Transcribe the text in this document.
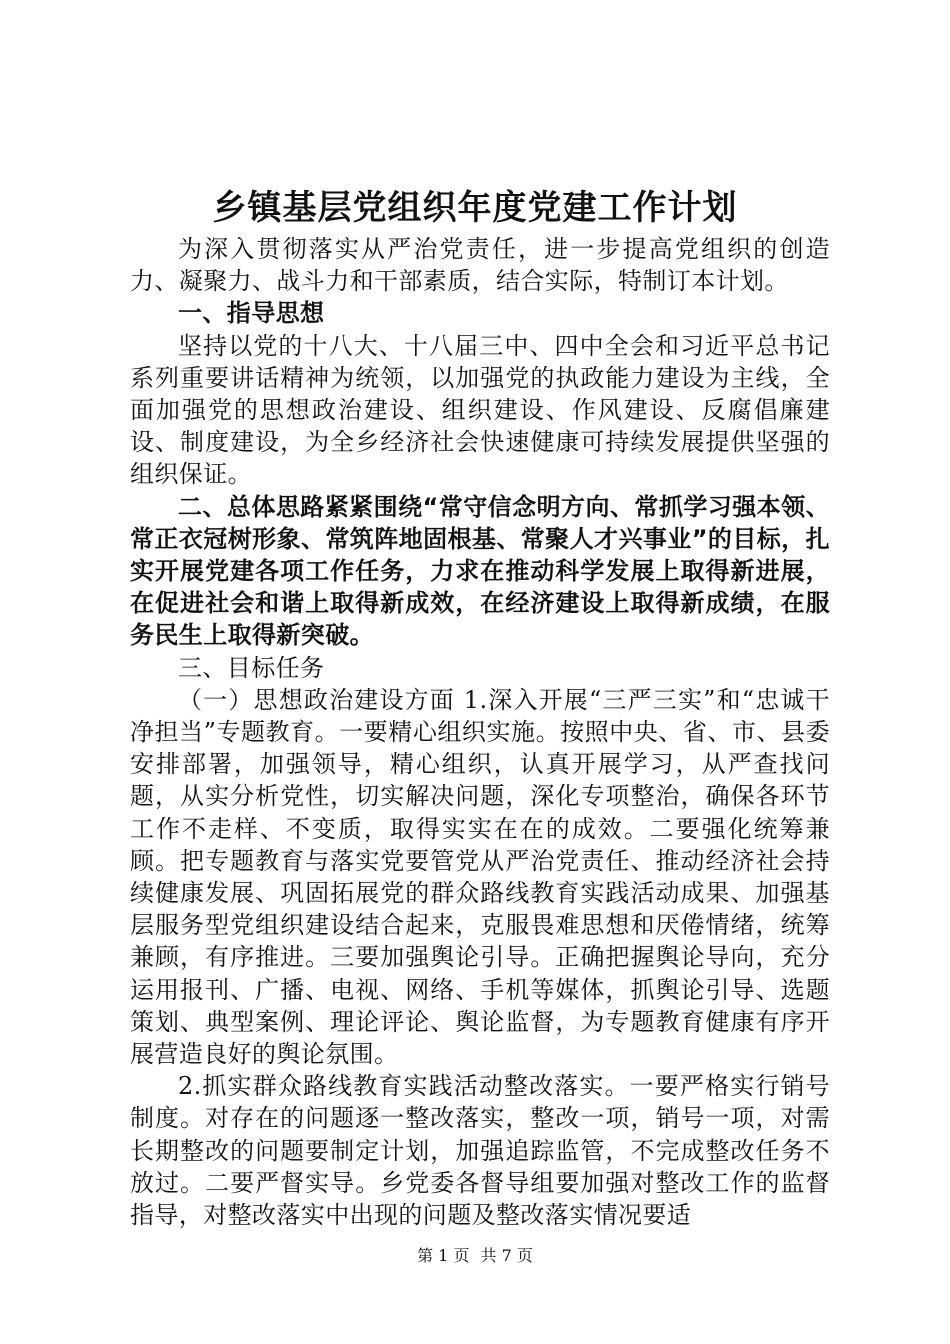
乡镇基层党组织年度党建工作计划

为深入贯彻落实从严治党责任，进一步提高党组织的创造力、凝聚力、战斗力和干部素质，结合实际，特制订本计划。

一、指导思想

坚持以党的十八大、十八届三中、四中全会和习近平总书记系列重要讲话精神为统领，以加强党的执政能力建设为主线，全面加强党的思想政治建设、组织建设、作风建设、反腐倡廉建设、制度建设，为全乡经济社会快速健康可持续发展提供坚强的组织保证。

二、总体思路紧紧围绕“常守信念明方向、常抓学习强本领、常正衣冠树形象、常筑阵地固根基、常聚人才兴事业”的目标，扎实开展党建各项工作任务，力求在推动科学发展上取得新进展，在促进社会和谐上取得新成效，在经济建设上取得新成绩，在服务民生上取得新突破。

三、目标任务

（一）思想政治建设方面 1.深入开展“三严三实”和“忠诚干净担当”专题教育。一要精心组织实施。按照中央、省、市、县委安排部署，加强领导，精心组织，认真开展学习，从严查找问题，从实分析党性，切实解决问题，深化专项整治，确保各环节工作不走样、不变质，取得实实在在的成效。二要强化统筹兼顾。把专题教育与落实党要管党从严治党责任、推动经济社会持续健康发展、巩固拓展党的群众路线教育实践活动成果、加强基层服务型党组织建设结合起来，克服畏难思想和厌倦情绪，统筹兼顾，有序推进。三要加强舆论引导。正确把握舆论导向，充分运用报刊、广播、电视、网络、手机等媒体，抓舆论引导、选题策划、典型案例、理论评论、舆论监督，为专题教育健康有序开展营造良好的舆论氛围。

2.抓实群众路线教育实践活动整改落实。一要严格实行销号制度。对存在的问题逐一整改落实，整改一项，销号一项，对需长期整改的问题要制定计划，加强追踪监管，不完成整改任务不放过。二要严督实导。乡党委各督导组要加强对整改工作的监督指导，对整改落实中出现的问题及整改落实情况要适

第 1 页 共 7 页
